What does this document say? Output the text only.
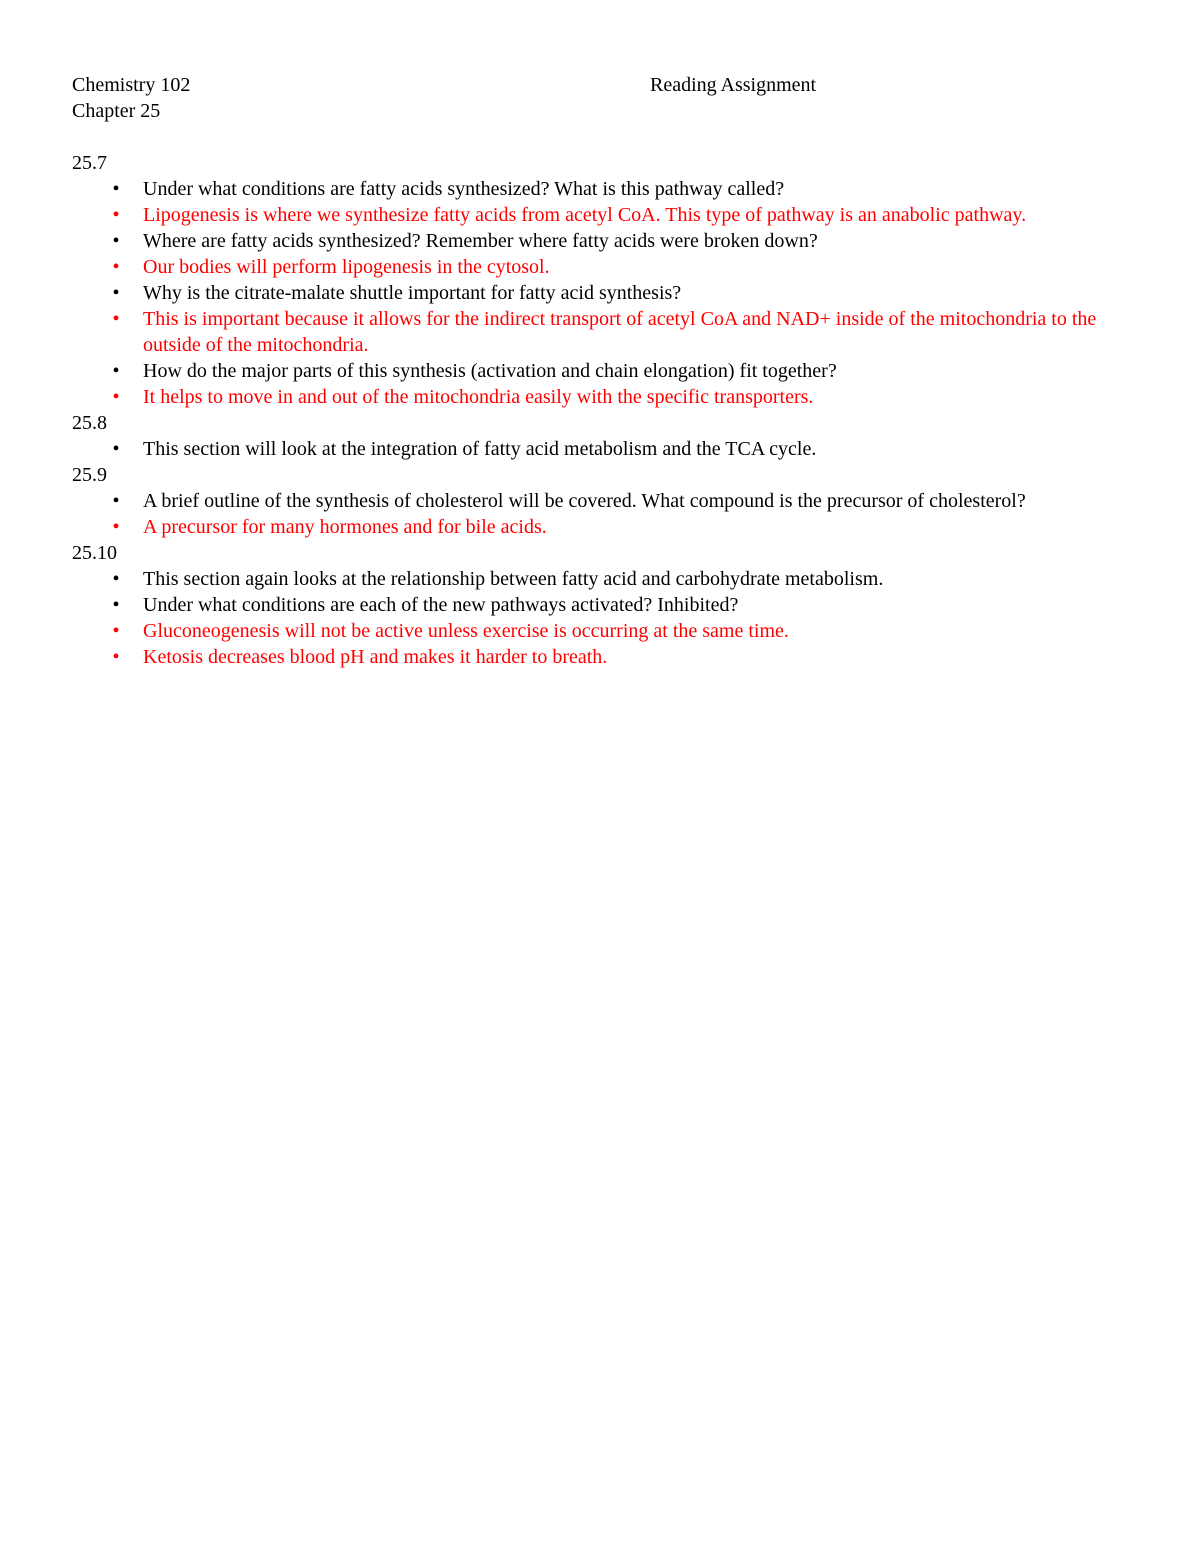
Chemistry 102	Reading Assignment
Chapter 25
25.7
•	Under what conditions are fatty acids synthesized? What is this pathway called?
•	Lipogenesis is where we synthesize fatty acids from acetyl CoA. This type of pathway is an anabolic pathway.
•	Where are fatty acids synthesized? Remember where fatty acids were broken down?
•	Our bodies will perform lipogenesis in the cytosol.
•	Why is the citrate-malate shuttle important for fatty acid synthesis?
•	This is important because it allows for the indirect transport of acetyl CoA and NAD+ inside of the mitochondria to the outside of the mitochondria.
•	How do the major parts of this synthesis (activation and chain elongation) fit together?
•	It helps to move in and out of the mitochondria easily with the specific transporters.
25.8
•	This section will look at the integration of fatty acid metabolism and the TCA cycle.
25.9
•	A brief outline of the synthesis of cholesterol will be covered. What compound is the precursor of cholesterol?
•	A precursor for many hormones and for bile acids.
25.10
•	This section again looks at the relationship between fatty acid and carbohydrate metabolism.
•	Under what conditions are each of the new pathways activated? Inhibited?
•	Gluconeogenesis will not be active unless exercise is occurring at the same time.
•	Ketosis decreases blood pH and makes it harder to breath.
